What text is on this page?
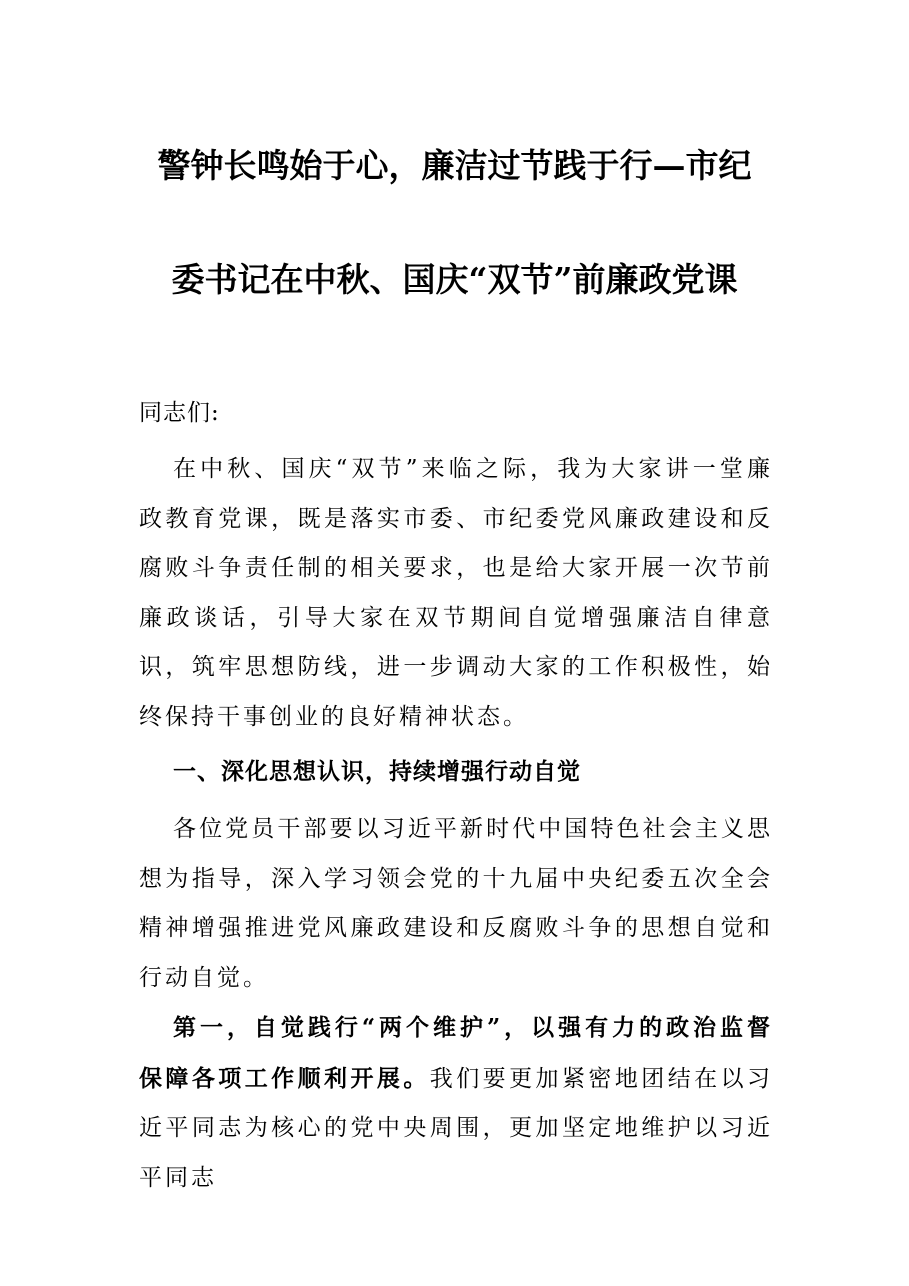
警钟长鸣始于心，廉洁过节践于行—市纪
委书记在中秋、国庆“双节”前廉政党课

同志们:

在中秋、国庆“双节”来临之际，我为大家讲一堂廉政教育党课，既是落实市委、市纪委党风廉政建设和反腐败斗争责任制的相关要求，也是给大家开展一次节前廉政谈话，引导大家在双节期间自觉增强廉洁自律意识，筑牢思想防线，进一步调动大家的工作积极性，始终保持干事创业的良好精神状态。

一、深化思想认识，持续增强行动自觉

各位党员干部要以习近平新时代中国特色社会主义思想为指导，深入学习领会党的十九届中央纪委五次全会精神增强推进党风廉政建设和反腐败斗争的思想自觉和行动自觉。

第一，自觉践行“两个维护”，以强有力的政治监督保障各项工作顺利开展。我们要更加紧密地团结在以习近平同志为核心的党中央周围，更加坚定地维护以习近平同志
